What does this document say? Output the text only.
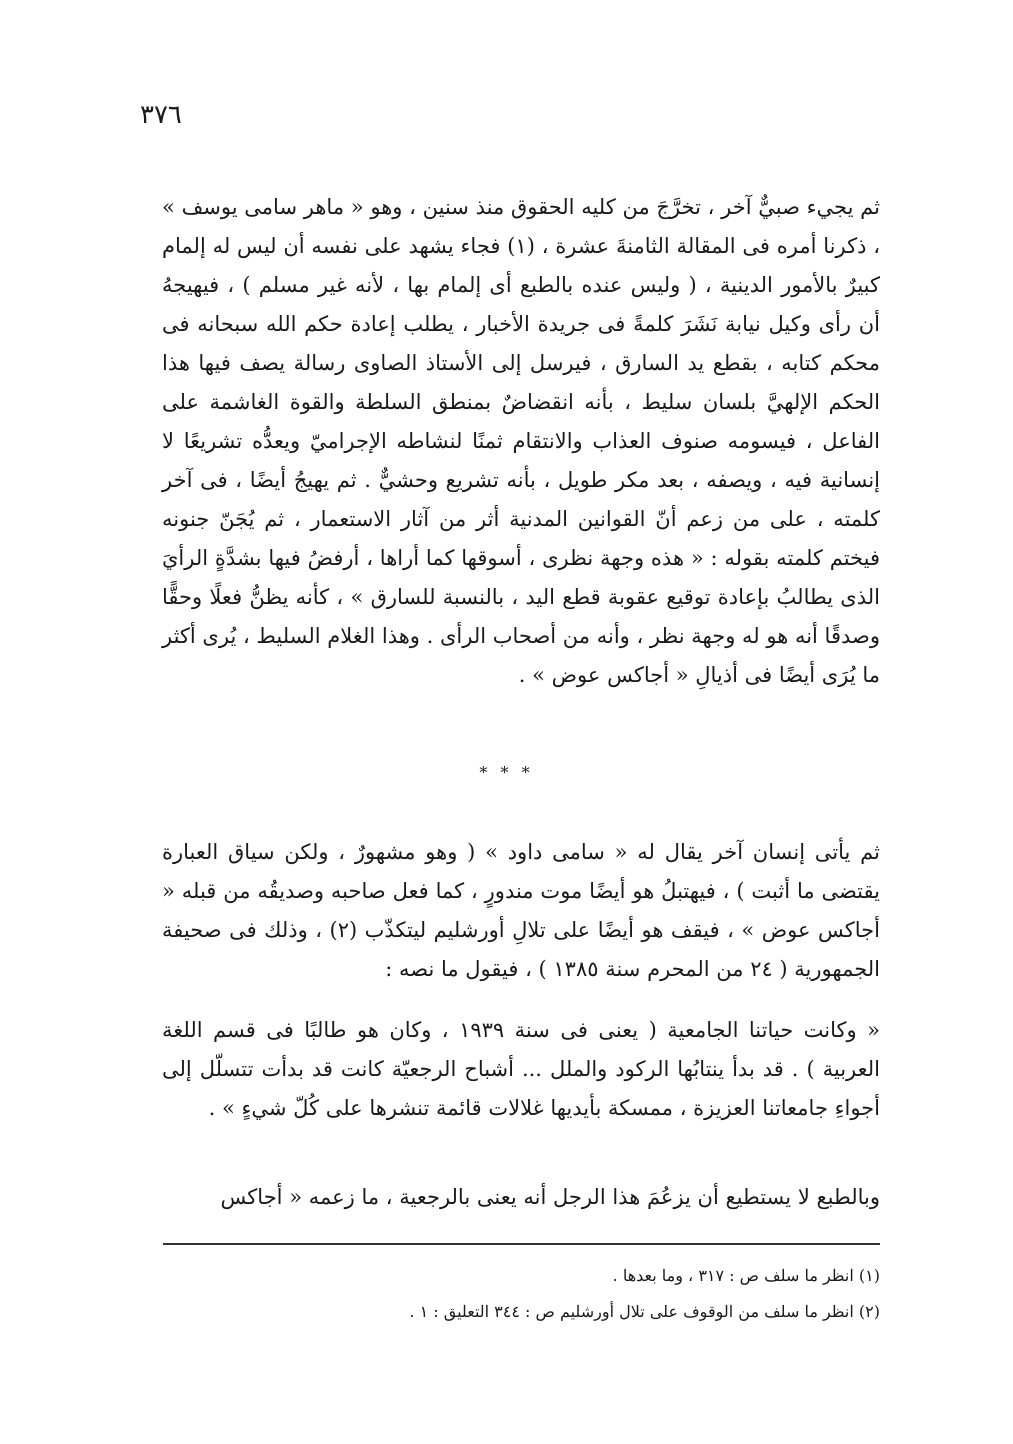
٣٧٦

ثم يجيء صبيٌّ آخر ، تخرَّجَ من كليه الحقوق منذ سنين ، وهو « ماهر سامى يوسف » ، ذكرنا أمره فى المقالة الثامنةَ عشرة ، (١) فجاء يشهد على نفسه أن ليس له إلمام كبيرٌ بالأمور الدينية ، ( وليس عنده بالطبع أى إلمام بها ، لأنه غير مسلم ) ، فيهيجهُ أن رأى وكيل نيابة نَشَرَ كلمةً فى جريدة الأخبار ، يطلب إعادة حكم الله سبحانه فى محكم كتابه ، بقطع يد السارق ، فيرسل إلى الأستاذ الصاوى رسالة يصف فيها هذا الحكم الإلهيَّ بلسان سليط ، بأنه انقضاضٌ بمنطق السلطة والقوة الغاشمة على الفاعل ، فيسومه صنوف العذاب والانتقام ثمنًا لنشاطه الإجراميّ ويعدُّه تشريعًا لا إنسانية فيه ، ويصفه ، بعد مكر طويل ، بأنه تشريع وحشيٌّ . ثم يهيجُ أيضًا ، فى آخر كلمته ، على من زعم أنّ القوانين المدنية أثر من آثار الاستعمار ، ثم يُجَنّ جنونه فيختم كلمته بقوله : « هذه وجهة نظرى ، أسوقها كما أراها ، أرفضُ فيها بشدَّةٍ الرأيَ الذى يطالبُ بإعادة توقيع عقوبة قطع اليد ، بالنسبة للسارق » ، كأنه يظنُّ فعلًا وحقًّا وصدقًا أنه هو له وجهة نظر ، وأنه من أصحاب الرأى . وهذا الغلام السليط ، يُرى أكثر ما يُرَى أيضًا فى أذيالِ « أجاكس عوض » .

* * *

ثم يأتى إنسان آخر يقال له « سامى داود » ( وهو مشهورٌ ، ولكن سياق العبارة يقتضى ما أثبت ) ، فيهتبلُ هو أيضًا موت مندورٍ ، كما فعل صاحبه وصديقُه من قبله « أجاكس عوض » ، فيقف هو أيضًا على تلالِ أورشليم ليتكذّب (٢) ، وذلك فى صحيفة الجمهورية ( ٢٤ من المحرم سنة ١٣٨٥ ) ، فيقول ما نصه :

« وكانت حياتنا الجامعية ( يعنى فى سنة ١٩٣٩ ، وكان هو طالبًا فى قسم اللغة العربية ) . قد بدأ ينتابُها الركود والملل ... أشباح الرجعيّة كانت قد بدأت تتسلّل إلى أجواءِ جامعاتنا العزيزة ، ممسكة بأيديها غلالات قائمة تنشرها على كُلّ شيءٍ » .

وبالطبع لا يستطيع أن يزعُمَ هذا الرجل أنه يعنى بالرجعية ، ما زعمه « أجاكس

(١) انظر ما سلف ص : ٣١٧ ، وما بعدها .
(٢) انظر ما سلف من الوقوف على تلال أورشليم ص : ٣٤٤ التعليق : ١ .
